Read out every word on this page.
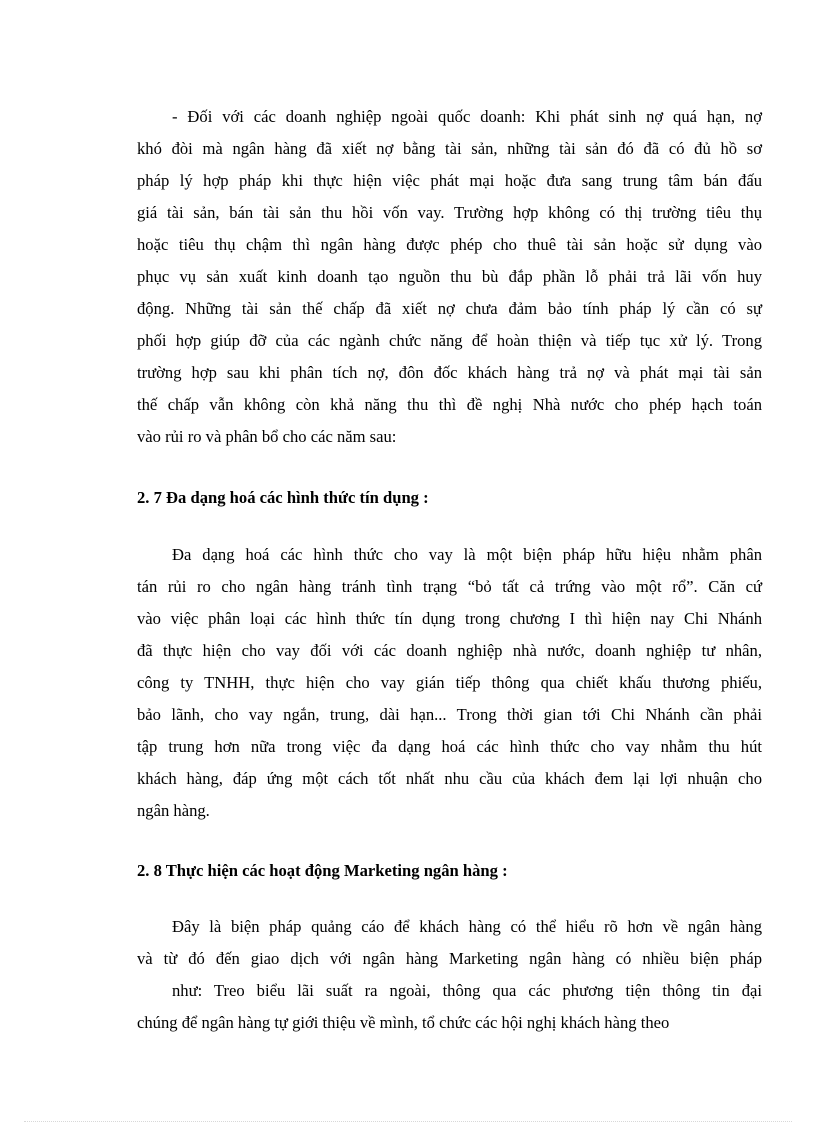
- Đối với các doanh nghiệp ngoài quốc doanh: Khi phát sinh nợ quá hạn, nợ
khó đòi mà ngân hàng đã xiết nợ bằng tài sản, những tài sản đó đã có đủ hồ sơ
pháp lý hợp pháp khi thực hiện việc phát mại hoặc đưa sang trung tâm bán đấu
giá tài sản, bán tài sản thu hồi vốn vay. Trường hợp không có thị trường tiêu thụ
hoặc tiêu thụ chậm thì ngân hàng được phép cho thuê tài sản hoặc sử dụng vào
phục vụ sản xuất kinh doanh tạo nguồn thu bù đắp phần lỗ phải trả lãi vốn huy
động. Những tài sản thế chấp đã xiết nợ chưa đảm bảo tính pháp lý cần có sự
phối hợp giúp đỡ của các ngành chức năng để hoàn thiện và tiếp tục xử lý. Trong
trường hợp sau khi phân tích nợ, đôn đốc khách hàng trả nợ và phát mại tài sản
thế chấp vẫn không còn khả năng thu thì đề nghị Nhà nước cho phép hạch toán
vào rủi ro và phân bổ cho các năm sau:
2. 7 Đa dạng hoá các hình thức tín dụng :
Đa dạng hoá các hình thức cho vay là một biện pháp hữu hiệu nhằm phân
tán rủi ro cho ngân hàng tránh tình trạng “bỏ tất cả trứng vào một rổ”. Căn cứ
vào việc phân loại các hình thức tín dụng trong chương I thì hiện nay Chi Nhánh
đã thực hiện cho vay đối với các doanh nghiệp nhà nước, doanh nghiệp tư nhân,
công ty TNHH, thực hiện cho vay gián tiếp thông qua chiết khấu thương phiếu,
bảo lãnh, cho vay ngắn, trung, dài hạn... Trong thời gian tới Chi Nhánh cần phải
tập trung hơn nữa trong việc đa dạng hoá các hình thức cho vay nhằm thu hút
khách hàng, đáp ứng một cách tốt nhất nhu cầu của khách đem lại lợi nhuận cho
ngân hàng.
2. 8 Thực hiện các hoạt động Marketing ngân hàng :
Đây là biện pháp quảng cáo để khách hàng có thể hiểu rõ hơn về ngân hàng
và từ đó đến giao dịch với ngân hàng Marketing ngân hàng có nhiều biện pháp
như: Treo biểu lãi suất ra ngoài, thông qua các phương tiện thông tin đại
chúng để ngân hàng tự giới thiệu về mình, tổ chức các hội nghị khách hàng theo
